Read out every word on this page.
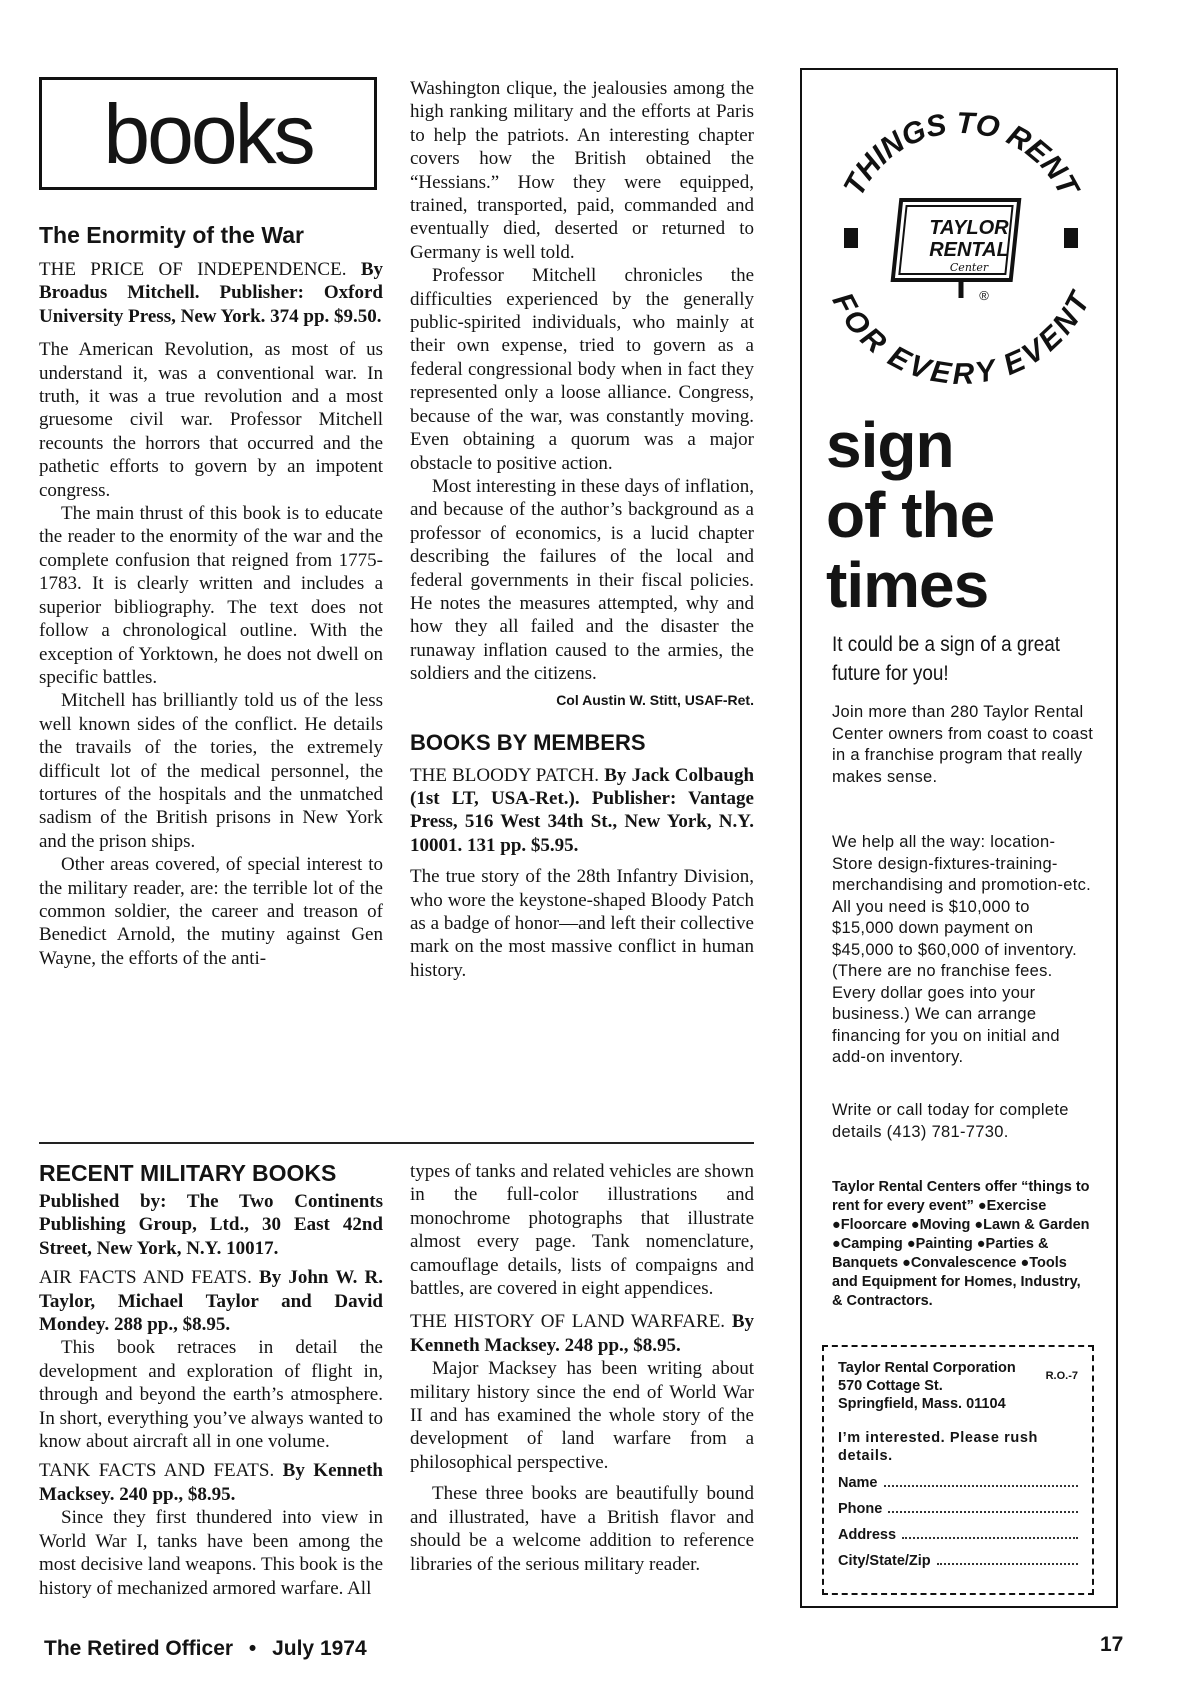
books
The Enormity of the War
THE PRICE OF INDEPENDENCE. By Broadus Mitchell. Publisher: Oxford University Press, New York. 374 pp. $9.50.

The American Revolution, as most of us understand it, was a conventional war. In truth, it was a true revolution and a most gruesome civil war. Professor Mitchell recounts the horrors that occurred and the pathetic efforts to govern by an impotent congress.

The main thrust of this book is to educate the reader to the enormity of the war and the complete confusion that reigned from 1775-1783. It is clearly written and includes a superior bibliography. The text does not follow a chronological outline. With the exception of Yorktown, he does not dwell on specific battles.

Mitchell has brilliantly told us of the less well known sides of the conflict. He details the travails of the tories, the extremely difficult lot of the medical personnel, the tortures of the hospitals and the unmatched sadism of the British prisons in New York and the prison ships.

Other areas covered, of special interest to the military reader, are: the terrible lot of the common soldier, the career and treason of Benedict Arnold, the mutiny against Gen Wayne, the efforts of the anti-

Washington clique, the jealousies among the high ranking military and the efforts at Paris to help the patriots. An interesting chapter covers how the British obtained the “Hessians.” How they were equipped, trained, transported, paid, commanded and eventually died, deserted or returned to Germany is well told.

Professor Mitchell chronicles the difficulties experienced by the generally public-spirited individuals, who mainly at their own expense, tried to govern as a federal congressional body when in fact they represented only a loose alliance. Congress, because of the war, was constantly moving. Even obtaining a quorum was a major obstacle to positive action.

Most interesting in these days of inflation, and because of the author’s background as a professor of economics, is a lucid chapter describing the failures of the local and federal governments in their fiscal policies. He notes the measures attempted, why and how they all failed and the disaster the runaway inflation caused to the armies, the soldiers and the citizens.

Col Austin W. Stitt, USAF-Ret.
BOOKS BY MEMBERS
THE BLOODY PATCH. By Jack Colbaugh (1st LT, USA-Ret.). Publisher: Vantage Press, 516 West 34th St., New York, N.Y. 10001. 131 pp. $5.95.
The true story of the 28th Infantry Division, who wore the keystone-shaped Bloody Patch as a badge of honor—and left their collective mark on the most massive conflict in human history.
RECENT MILITARY BOOKS
Published by: The Two Continents Publishing Group, Ltd., 30 East 42nd Street, New York, N.Y. 10017.
AIR FACTS AND FEATS. By John W. R. Taylor, Michael Taylor and David Mondey. 288 pp., $8.95.
This book retraces in detail the development and exploration of flight in, through and beyond the earth’s atmosphere. In short, everything you’ve always wanted to know about aircraft all in one volume.
TANK FACTS AND FEATS. By Kenneth Macksey. 240 pp., $8.95.
Since they first thundered into view in World War I, tanks have been among the most decisive land weapons. This book is the history of mechanized armored warfare. All
types of tanks and related vehicles are shown in the full-color illustrations and monochrome photographs that illustrate almost every page. Tank nomenclature, camouflage details, lists of compaigns and battles, are covered in eight appendices.
THE HISTORY OF LAND WARFARE. By Kenneth Macksey. 248 pp., $8.95.
Major Macksey has been writing about military history since the end of World War II and has examined the whole story of the development of land warfare from a philosophical perspective.
These three books are beautifully bound and illustrated, have a British flavor and should be a welcome addition to reference libraries of the serious military reader.
THINGS TO RENT
FOR EVERY EVENT
TAYLOR
RENTAL
Center
®
sign
of the
times
It could be a sign of a great future for you!
Join more than 280 Taylor Rental Center owners from coast to coast in a franchise program that really makes sense.
We help all the way: location-Store design-fixtures-training-merchandising and promotion-etc. All you need is $10,000 to $15,000 down payment on $45,000 to $60,000 of inventory. (There are no franchise fees. Every dollar goes into your business.) We can arrange financing for you on initial and add-on inventory.
Write or call today for complete details (413) 781-7730.
Taylor Rental Centers offer “things to rent for every event” ●Exercise ●Floorcare ●Moving ●Lawn & Garden ●Camping ●Painting ●Parties & Banquets ●Convalescence ●Tools and Equipment for Homes, Industry, & Contractors.
Taylor Rental Corporation
570 Cottage St.
Springfield, Mass. 01104
R.O.-7
I’m interested. Please rush details.
Name
Phone
Address
City/State/Zip
The Retired Officer • July 1974	17
